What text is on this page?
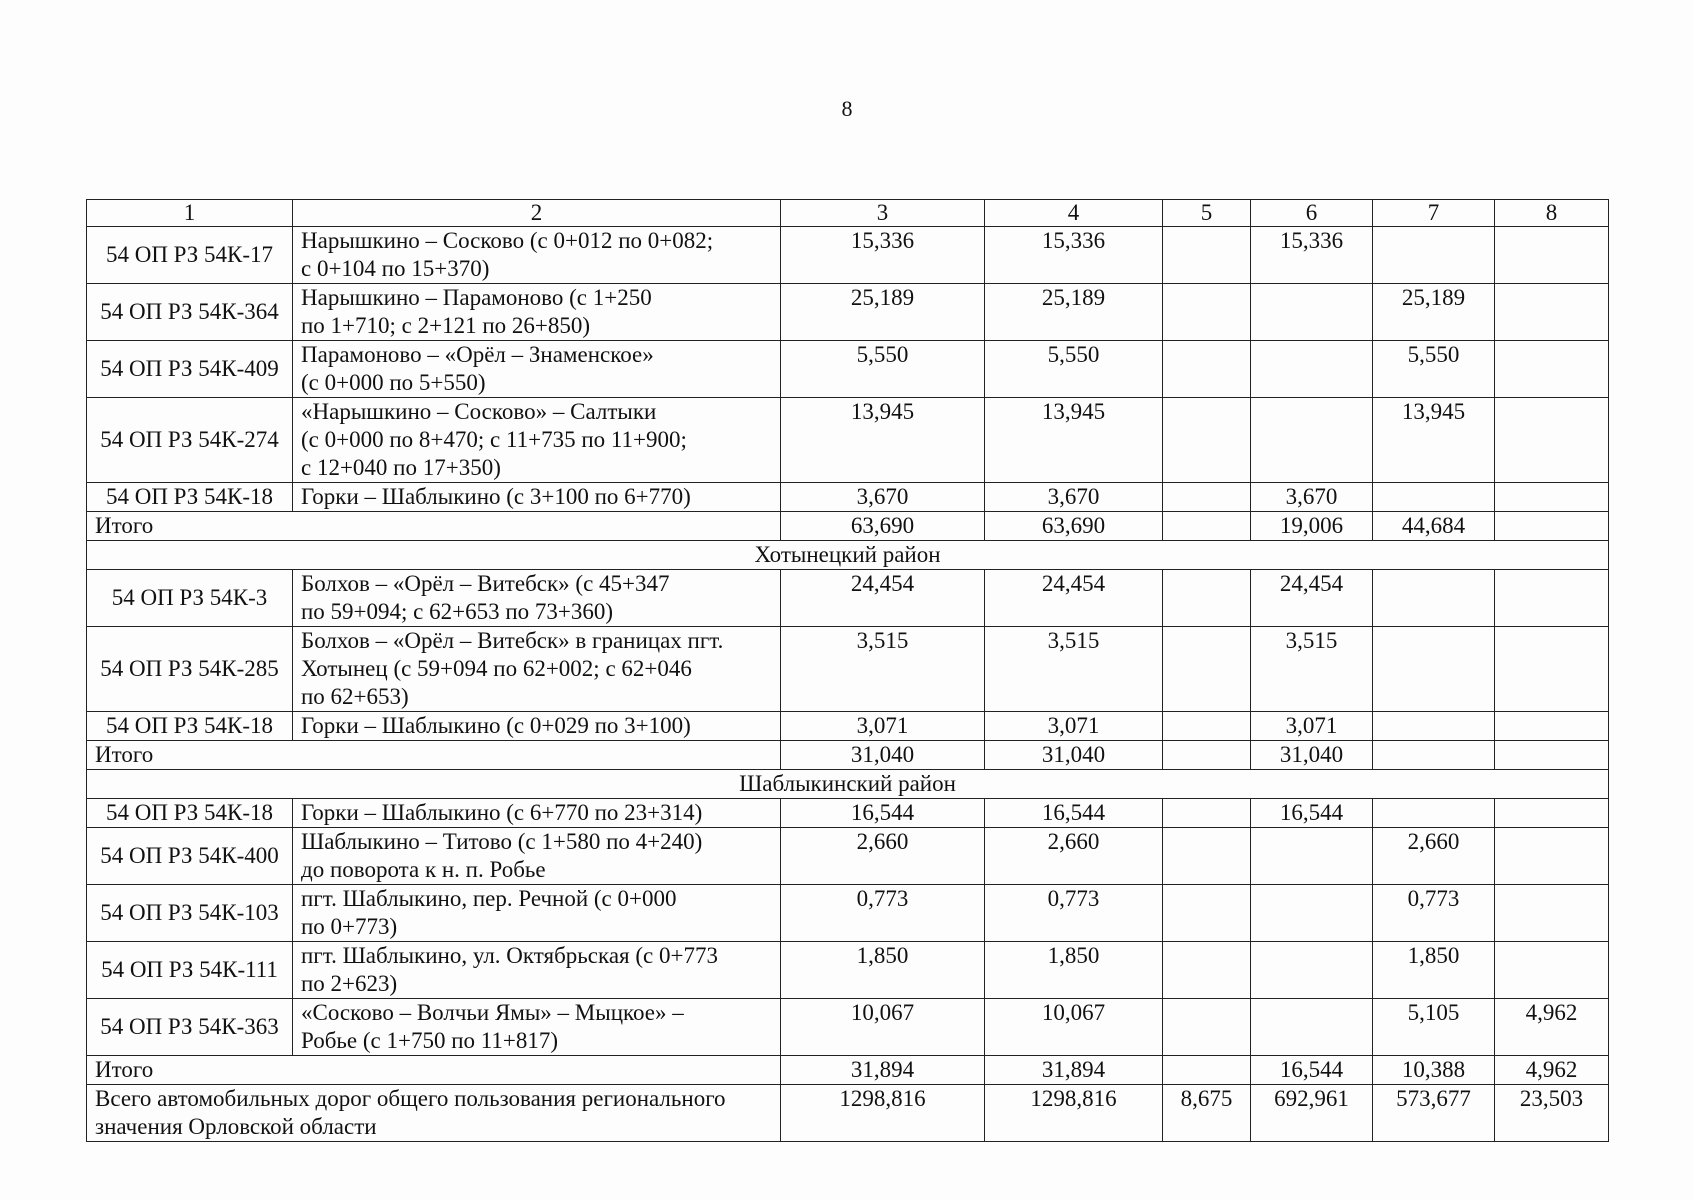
8
1	2	3	4	5	6	7	8
54 ОП РЗ 54К-17	Нарышкино – Сосково (с 0+012 по 0+082;
с 0+104 по 15+370)	15,336	15,336		15,336		
54 ОП РЗ 54К-364	Нарышкино – Парамоново (с 1+250
по 1+710; с 2+121 по 26+850)	25,189	25,189			25,189	
54 ОП РЗ 54К-409	Парамоново – «Орёл – Знаменское»
(с 0+000 по 5+550)	5,550	5,550			5,550	
54 ОП РЗ 54К-274	«Нарышкино – Сосково» – Салтыки
(с 0+000 по 8+470; с 11+735 по 11+900;
с 12+040 по 17+350)	13,945	13,945			13,945	
54 ОП РЗ 54К-18	Горки – Шаблыкино (с 3+100 по 6+770)	3,670	3,670		3,670		
Итого		63,690	63,690		19,006	44,684	
Хотынецкий район							
54 ОП РЗ 54К-3	Болхов – «Орёл – Витебск» (с 45+347
по 59+094; с 62+653 по 73+360)	24,454	24,454		24,454		
54 ОП РЗ 54К-285	Болхов – «Орёл – Витебск» в границах пгт.
Хотынец (с 59+094 по 62+002; с 62+046
по 62+653)	3,515	3,515		3,515		
54 ОП РЗ 54К-18	Горки – Шаблыкино (с 0+029 по 3+100)	3,071	3,071		3,071		
Итого		31,040	31,040		31,040		
Шаблыкинский район							
54 ОП РЗ 54К-18	Горки – Шаблыкино (с 6+770 по 23+314)	16,544	16,544		16,544		
54 ОП РЗ 54К-400	Шаблыкино – Титово (с 1+580 по 4+240)
до поворота к н. п. Робье	2,660	2,660			2,660	
54 ОП РЗ 54К-103	пгт. Шаблыкино, пер. Речной (с 0+000
по 0+773)	0,773	0,773			0,773	
54 ОП РЗ 54К-111	пгт. Шаблыкино, ул. Октябрьская (с 0+773
по 2+623)	1,850	1,850			1,850	
54 ОП РЗ 54К-363	«Сосково – Волчьи Ямы» – Мыцкое» –
Робье (с 1+750 по 11+817)	10,067	10,067			5,105	4,962
Итого		31,894	31,894		16,544	10,388	4,962
Всего автомобильных дорог общего пользования регионального
значения Орловской области		1298,816	1298,816	8,675	692,961	573,677	23,503
